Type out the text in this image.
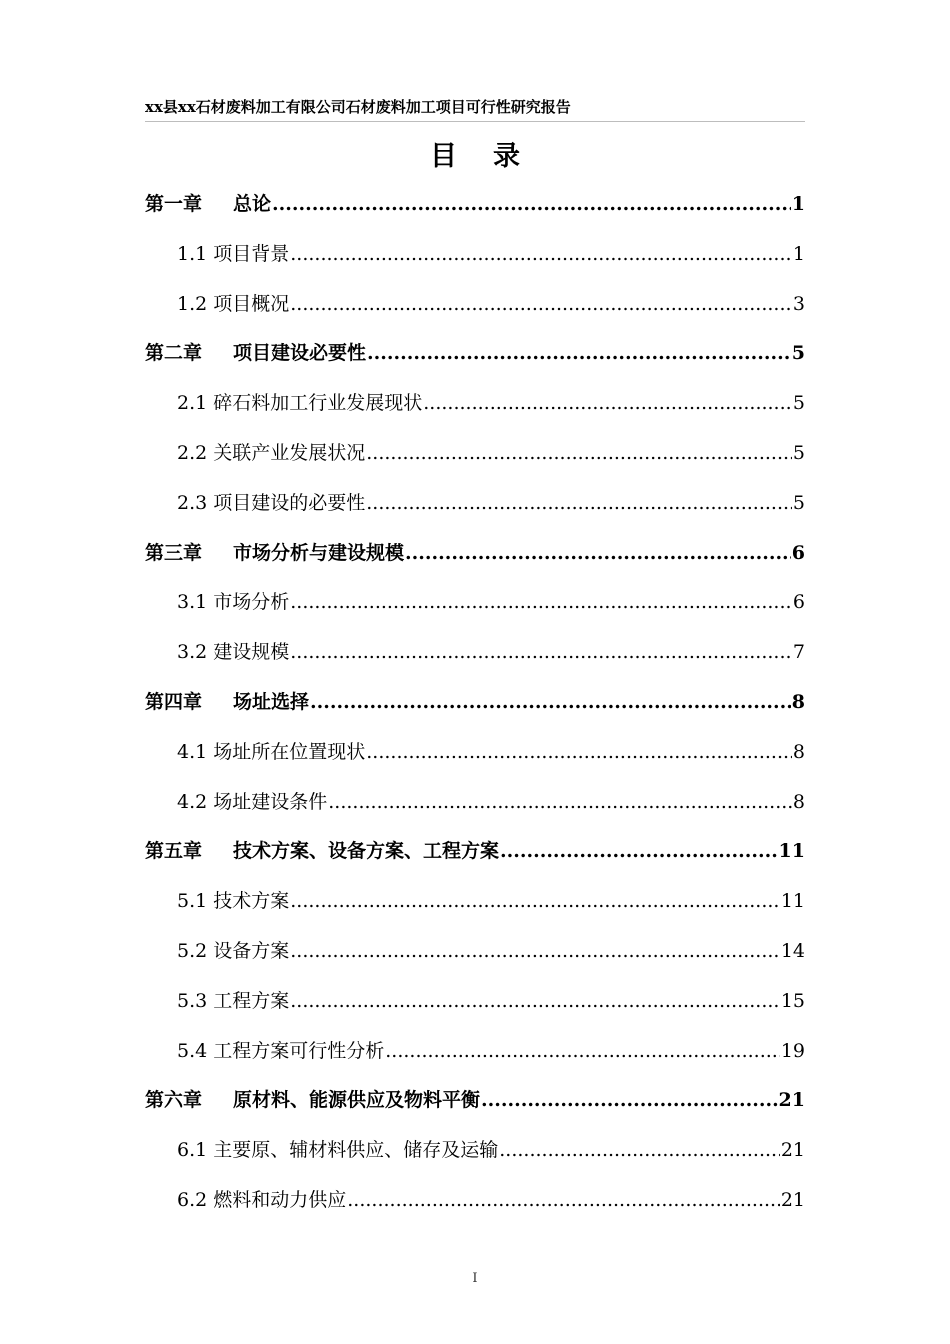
xx县xx石材废料加工有限公司石材废料加工项目可行性研究报告
目录
第一章 总论 .....	1
1.1 项目背景 .....	1
1.2 项目概况 .....	3
第二章 项目建设必要性 .....	5
2.1 碎石料加工行业发展现状 .....	5
2.2 关联产业发展状况 .....	5
2.3 项目建设的必要性 .....	5
第三章 市场分析与建设规模 .....	6
3.1 市场分析 .....	6
3.2 建设规模 .....	7
第四章 场址选择 .....	8
4.1 场址所在位置现状 .....	8
4.2 场址建设条件 .....	8
第五章 技术方案、设备方案、工程方案 .....	11
5.1 技术方案 .....	11
5.2 设备方案 .....	14
5.3 工程方案 .....	15
5.4 工程方案可行性分析 .....	19
第六章 原材料、能源供应及物料平衡 .....	21
6.1 主要原、辅材料供应、储存及运输 .....	21
6.2 燃料和动力供应 .....	21
I
